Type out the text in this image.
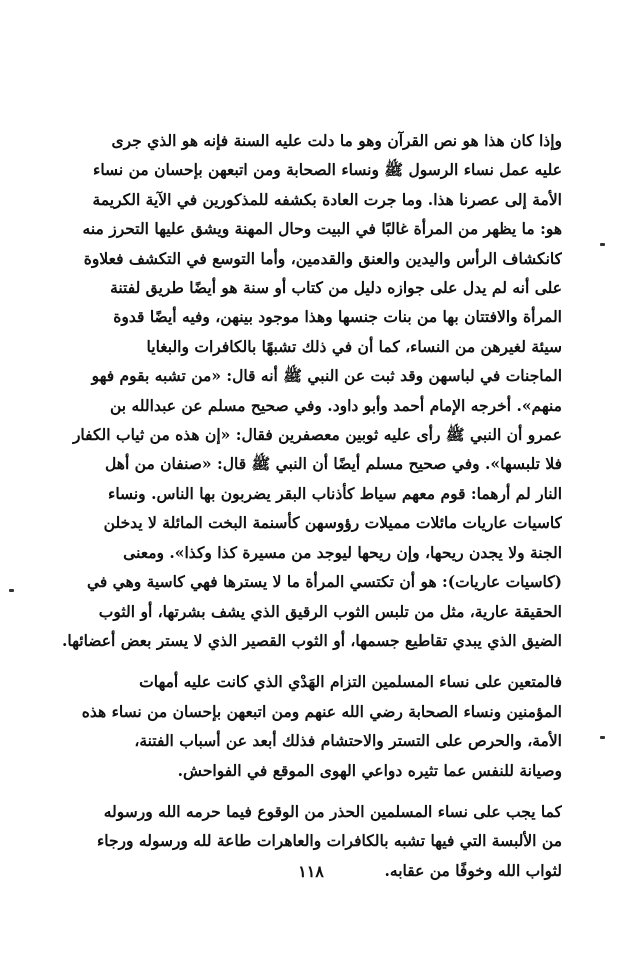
وإذا كان هذا هو نص القرآن وهو ما دلت عليه السنة فإنه هو الذي جرى
عليه عمل نساء الرسول ﷺ ونساء الصحابة ومن اتبعهن بإحسان من نساء
الأمة إلى عصرنا هذا. وما جرت العادة بكشفه للمذكورين في الآية الكريمة
هو: ما يظهر من المرأة غالبًا في البيت وحال المهنة ويشق عليها التحرز منه
كانكشاف الرأس واليدين والعنق والقدمين، وأما التوسع في التكشف فعلاوة
على أنه لم يدل على جوازه دليل من كتاب أو سنة هو أيضًا طريق لفتنة
المرأة والافتتان بها من بنات جنسها وهذا موجود بينهن، وفيه أيضًا قدوة
سيئة لغيرهن من النساء، كما أن في ذلك تشبهًا بالكافرات والبغايا
الماجنات في لباسهن وقد ثبت عن النبي ﷺ أنه قال: «من تشبه بقوم فهو
منهم». أخرجه الإمام أحمد وأبو داود. وفي صحيح مسلم عن عبدالله بن
عمرو أن النبي ﷺ رأى عليه ثوبين معصفرين فقال: «إن هذه من ثياب الكفار
فلا تلبسها». وفي صحيح مسلم أيضًا أن النبي ﷺ قال: «صنفان من أهل
النار لم أرهما: قوم معهم سياط كأذناب البقر يضربون بها الناس. ونساء
كاسيات عاريات مائلات مميلات رؤوسهن كأسنمة البخت المائلة لا يدخلن
الجنة ولا يجدن ريحها، وإن ريحها ليوجد من مسيرة كذا وكذا». ومعنى
(كاسيات عاريات): هو أن تكتسي المرأة ما لا يسترها فهي كاسية وهي في
الحقيقة عارية، مثل من تلبس الثوب الرقيق الذي يشف بشرتها، أو الثوب
الضيق الذي يبدي تقاطيع جسمها، أو الثوب القصير الذي لا يستر بعض أعضائها.

فالمتعين على نساء المسلمين التزام الهَدْي الذي كانت عليه أمهات
المؤمنين ونساء الصحابة رضي الله عنهم ومن اتبعهن بإحسان من نساء هذه
الأمة، والحرص على التستر والاحتشام فذلك أبعد عن أسباب الفتنة،
وصيانة للنفس عما تثيره دواعي الهوى الموقع في الفواحش.

كما يجب على نساء المسلمين الحذر من الوقوع فيما حرمه الله ورسوله
من الألبسة التي فيها تشبه بالكافرات والعاهرات طاعة لله ورسوله ورجاء
لثواب الله وخوفًا من عقابه.

١١٨
